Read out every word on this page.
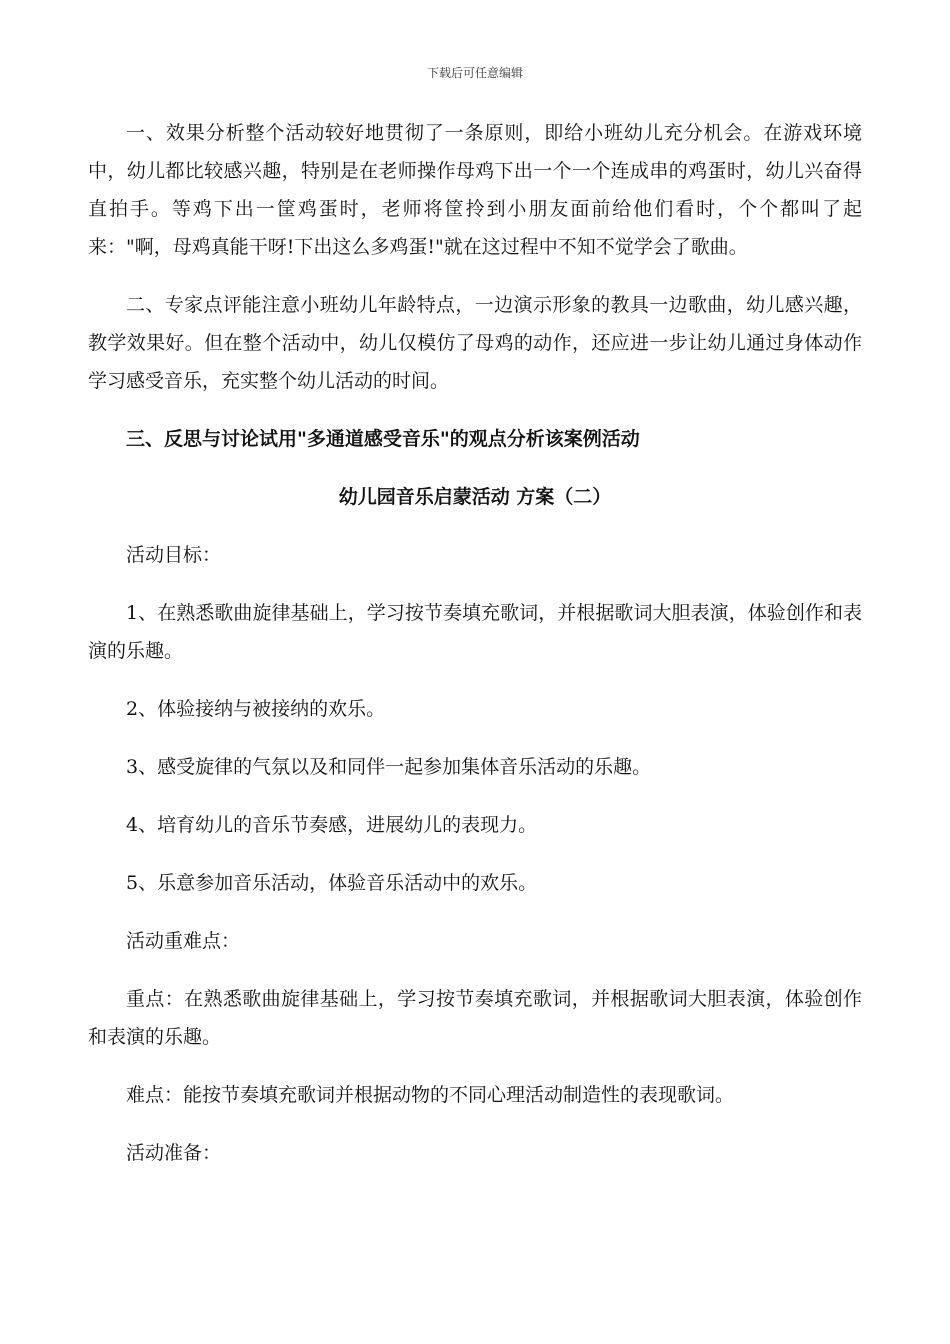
下载后可任意编辑

一、效果分析整个活动较好地贯彻了一条原则，即给小班幼儿充分机会。在游戏环境中，幼儿都比较感兴趣，特别是在老师操作母鸡下出一个一个连成串的鸡蛋时，幼儿兴奋得直拍手。等鸡下出一筐鸡蛋时，老师将筐拎到小朋友面前给他们看时，个个都叫了起来："啊，母鸡真能干呀!下出这么多鸡蛋!"就在这过程中不知不觉学会了歌曲。

二、专家点评能注意小班幼儿年龄特点，一边演示形象的教具一边歌曲，幼儿感兴趣，教学效果好。但在整个活动中，幼儿仅模仿了母鸡的动作，还应进一步让幼儿通过身体动作学习感受音乐，充实整个幼儿活动的时间。

三、反思与讨论试用"多通道感受音乐"的观点分析该案例活动

幼儿园音乐启蒙活动 方案（二）

活动目标：

1、在熟悉歌曲旋律基础上，学习按节奏填充歌词，并根据歌词大胆表演，体验创作和表演的乐趣。

2、体验接纳与被接纳的欢乐。

3、感受旋律的气氛以及和同伴一起参加集体音乐活动的乐趣。

4、培育幼儿的音乐节奏感，进展幼儿的表现力。

5、乐意参加音乐活动，体验音乐活动中的欢乐。

活动重难点：

重点：在熟悉歌曲旋律基础上，学习按节奏填充歌词，并根据歌词大胆表演，体验创作和表演的乐趣。

难点：能按节奏填充歌词并根据动物的不同心理活动制造性的表现歌词。

活动准备：
